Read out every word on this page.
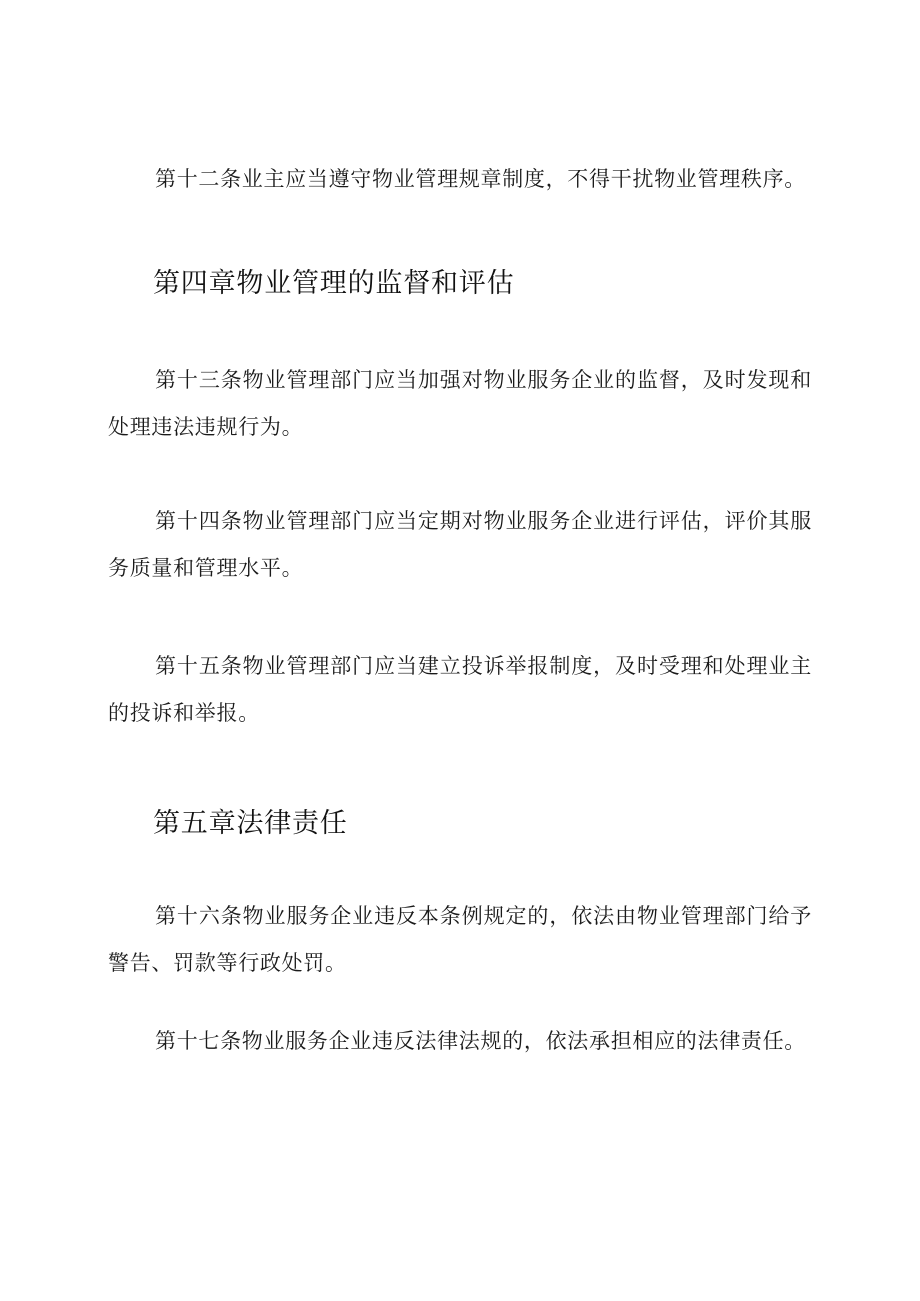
第十二条业主应当遵守物业管理规章制度，不得干扰物业管理秩序。

第四章物业管理的监督和评估

第十三条物业管理部门应当加强对物业服务企业的监督，及时发现和处理违法违规行为。

第十四条物业管理部门应当定期对物业服务企业进行评估，评价其服务质量和管理水平。

第十五条物业管理部门应当建立投诉举报制度，及时受理和处理业主的投诉和举报。

第五章法律责任

第十六条物业服务企业违反本条例规定的，依法由物业管理部门给予警告、罚款等行政处罚。

第十七条物业服务企业违反法律法规的，依法承担相应的法律责任。
